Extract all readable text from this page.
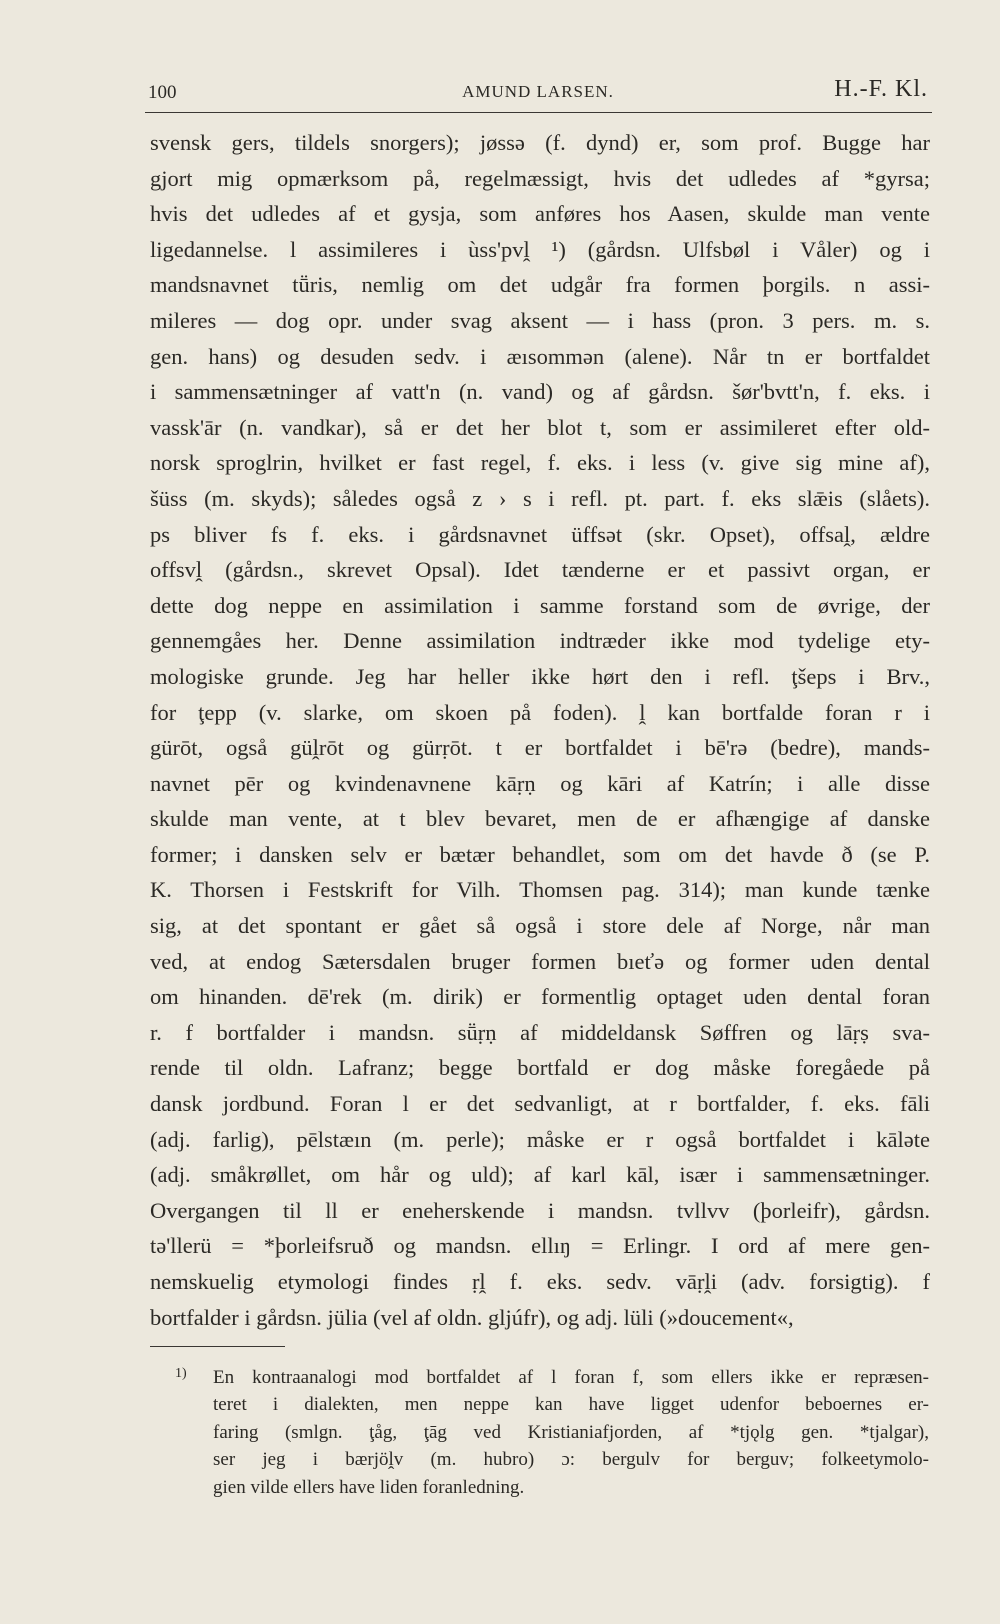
100	AMUND LARSEN.	H.-F. Kl.
svensk gers, tildels snorgers); jøssə (f. dynd) er, som prof. Bugge har
gjort mig opmærksom på, regelmæssigt, hvis det udledes af *gyrsa;
hvis det udledes af et gysja, som anføres hos Aasen, skulde man vente
ligedannelse. l assimileres i ùss'pvḽ ¹) (gårdsn. Ulfsbøl i Våler) og i
mandsnavnet tṻris, nemlig om det udgår fra formen þorgils. n assi-
mileres — dog opr. under svag aksent — i hass (pron. 3 pers. m. s.
gen. hans) og desuden sedv. i æısommən (alene). Når tn er bortfaldet
i sammensætninger af vatt'n (n. vand) og af gårdsn. šør'bvtt'n, f. eks. i
vassk'ār (n. vandkar), så er det her blot t, som er assimileret efter old-
norsk sproglrin, hvilket er fast regel, f. eks. i less (v. give sig mine af),
šüss (m. skyds); således også z › s i refl. pt. part. f. eks slǣis (slåets).
ps bliver fs f. eks. i gårdsnavnet üffsət (skr. Opset), offsaḽ, ældre
offsvḽ (gårdsn., skrevet Opsal). Idet tænderne er et passivt organ, er
dette dog neppe en assimilation i samme forstand som de øvrige, der
gennemgåes her. Denne assimilation indtræder ikke mod tydelige ety-
mologiske grunde. Jeg har heller ikke hørt den i refl. ţšeps i Brv.,
for ţepp (v. slarke, om skoen på foden). ḽ kan bortfalde foran r i
gürōt, også güḽrōt og gürṛōt. t er bortfaldet i bē'rə (bedre), mands-
navnet pēr og kvindenavnene kāṛṇ og kāri af Katrín; i alle disse
skulde man vente, at t blev bevaret, men de er afhængige af danske
former; i dansken selv er bætær behandlet, som om det havde ð (se P.
K. Thorsen i Festskrift for Vilh. Thomsen pag. 314); man kunde tænke
sig, at det spontant er gået så også i store dele af Norge, når man
ved, at endog Sætersdalen bruger formen bıeťə og former uden dental
om hinanden. dē'rek (m. dirik) er formentlig optaget uden dental foran
r. f bortfalder i mandsn. sṻṛṇ af middeldansk Søffren og lāṛṣ sva-
rende til oldn. Lafranz; begge bortfald er dog måske foregåede på
dansk jordbund. Foran l er det sedvanligt, at r bortfalder, f. eks. fāli
(adj. farlig), pēlstæın (m. perle); måske er r også bortfaldet i kāləte
(adj. småkrøllet, om hår og uld); af karl kāl, især i sammensætninger.
Overgangen til ll er eneherskende i mandsn. tvllvv (þorleifr), gårdsn.
tə'llerü = *þorleifsruð og mandsn. ellıŋ = Erlingr. I ord af mere gen-
nemskuelig etymologi findes ṛḽ f. eks. sedv. vāṛḽi (adv. forsigtig). f
bortfalder i gårdsn. jülia (vel af oldn. gljúfr), og adj. lüli (»doucement«,
1) En kontraanalogi mod bortfaldet af l foran f, som ellers ikke er repræsen-
teret i dialekten, men neppe kan have ligget udenfor beboernes er-
faring (smlgn. ţåg, ţāg ved Kristianiafjorden, af *tjǫlg gen. *tjalgar),
ser jeg i bærjöḽv (m. hubro) ɔ: bergulv for berguv; folkeetymolo-
gien vilde ellers have liden foranledning.
